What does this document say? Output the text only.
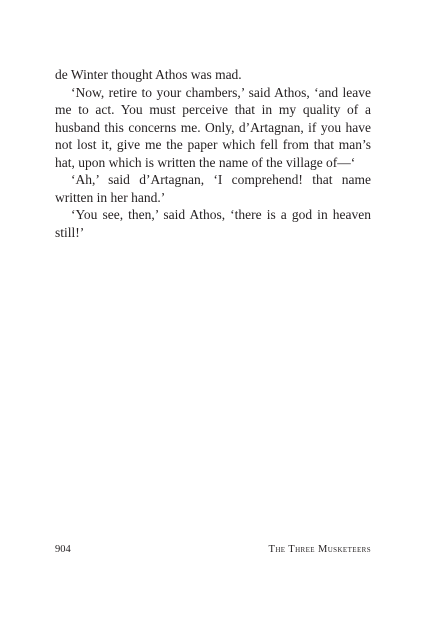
de Winter thought Athos was mad.

‘Now, retire to your chambers,’ said Athos, ‘and leave me to act. You must perceive that in my quality of a husband this concerns me. Only, d’Artagnan, if you have not lost it, give me the paper which fell from that man’s hat, upon which is written the name of the village of—‘

‘Ah,’ said d’Artagnan, ‘I comprehend! that name written in her hand.’

‘You see, then,’ said Athos, ‘there is a god in heaven still!’

904	The Three Musketeers
